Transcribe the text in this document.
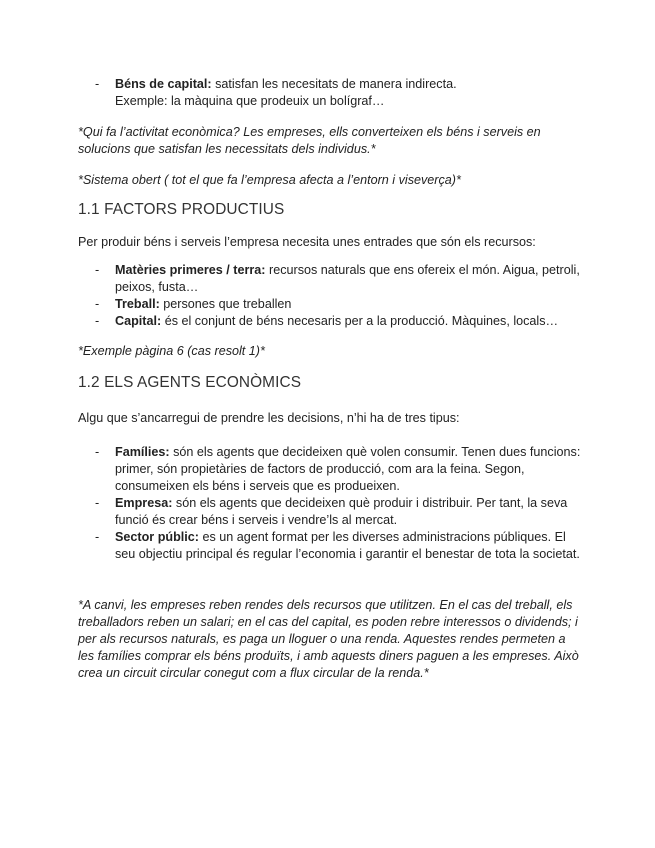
- Béns de capital: satisfan les necesitats de manera indirecta.
Exemple: la màquina que prodeuix un bolígraf…

*Qui fa l’activitat econòmica? Les empreses, ells converteixen els béns i serveis en solucions que satisfan les necessitats dels individus.*

*Sistema obert ( tot el que fa l’empresa afecta a l’entorn i viseverça)*

1.1 FACTORS PRODUCTIUS

Per produir béns i serveis l’empresa necesita unes entrades que són els recursos:

- Matèries primeres / terra: recursos naturals que ens ofereix el món. Aigua, petroli, peixos, fusta…
- Treball: persones que treballen
- Capital: és el conjunt de béns necesaris per a la producció. Màquines, locals…

*Exemple pàgina 6 (cas resolt 1)*

1.2 ELS AGENTS ECONÒMICS

Algu que s’ancarregui de prendre les decisions, n’hi ha de tres tipus:

- Famílies: són els agents que decideixen què volen consumir. Tenen dues funcions: primer, són propietàries de factors de producció, com ara la feina. Segon, consumeixen els béns i serveis que es produeixen.
- Empresa: són els agents que decideixen què produir i distribuir. Per tant, la seva funció és crear béns i serveis i vendre’ls al mercat.
- Sector públic: es un agent format per les diverses administracions públiques. El seu objectiu principal és regular l’economia i garantir el benestar de tota la societat.

*A canvi, les empreses reben rendes dels recursos que utilitzen. En el cas del treball, els treballadors reben un salari; en el cas del capital, es poden rebre interessos o dividends; i per als recursos naturals, es paga un lloguer o una renda. Aquestes rendes permeten a les famílies comprar els béns produïts, i amb aquests diners paguen a les empreses. Això crea un circuit circular conegut com a flux circular de la renda.*
